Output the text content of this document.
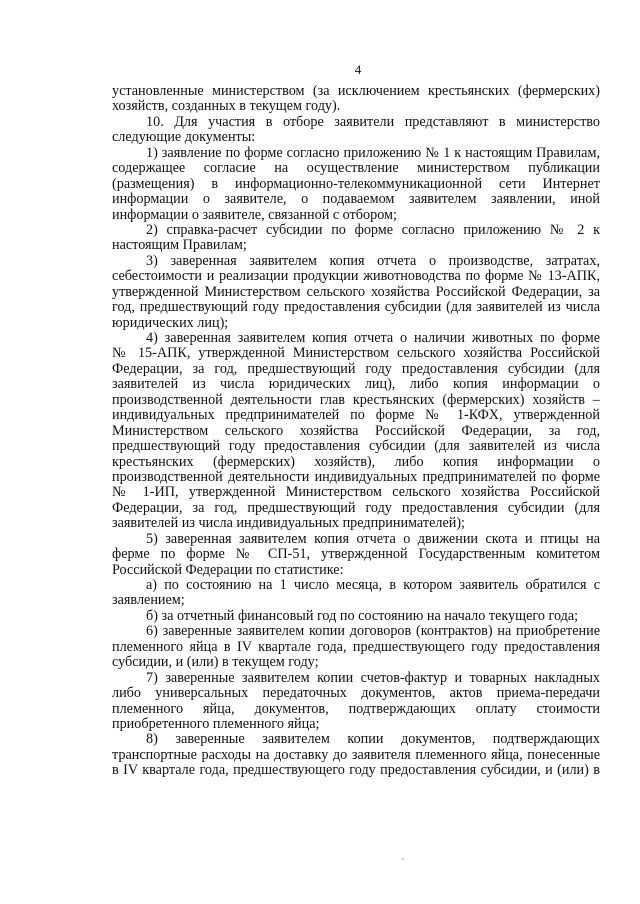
4
установленные министерством (за исключением крестьянских (фермерских)
хозяйств, созданных в текущем году).
10. Для участия в отборе заявители представляют в министерство
следующие документы:
1) заявление по форме согласно приложению № 1 к настоящим Правилам,
содержащее согласие на осуществление министерством публикации
(размещения) в информационно-телекоммуникационной сети Интернет
информации о заявителе, о подаваемом заявителем заявлении, иной
информации о заявителе, связанной с отбором;
2) справка-расчет субсидии по форме согласно приложению № 2 к
настоящим Правилам;
3) заверенная заявителем копия отчета о производстве, затратах,
себестоимости и реализации продукции животноводства по форме № 13-АПК,
утвержденной Министерством сельского хозяйства Российской Федерации, за
год, предшествующий году предоставления субсидии (для заявителей из числа
юридических лиц);
4) заверенная заявителем копия отчета о наличии животных по форме
№ 15-АПК, утвержденной Министерством сельского хозяйства Российской
Федерации, за год, предшествующий году предоставления субсидии (для
заявителей из числа юридических лиц), либо копия информации о
производственной деятельности глав крестьянских (фермерских) хозяйств –
индивидуальных предпринимателей по форме № 1-КФХ, утвержденной
Министерством сельского хозяйства Российской Федерации, за год,
предшествующий году предоставления субсидии (для заявителей из числа
крестьянских (фермерских) хозяйств), либо копия информации о
производственной деятельности индивидуальных предпринимателей по форме
№ 1-ИП, утвержденной Министерством сельского хозяйства Российской
Федерации, за год, предшествующий году предоставления субсидии (для
заявителей из числа индивидуальных предпринимателей);
5) заверенная заявителем копия отчета о движении скота и птицы на
ферме по форме № СП-51, утвержденной Государственным комитетом
Российской Федерации по статистике:
а) по состоянию на 1 число месяца, в котором заявитель обратился с
заявлением;
б) за отчетный финансовый год по состоянию на начало текущего года;
6) заверенные заявителем копии договоров (контрактов) на приобретение
племенного яйца в IV квартале года, предшествующего году предоставления
субсидии, и (или) в текущем году;
7) заверенные заявителем копии счетов-фактур и товарных накладных
либо универсальных передаточных документов, актов приема-передачи
племенного яйца, документов, подтверждающих оплату стоимости
приобретенного племенного яйца;
8) заверенные заявителем копии документов, подтверждающих
транспортные расходы на доставку до заявителя племенного яйца, понесенные
в IV квартале года, предшествующего году предоставления субсидии, и (или) в
